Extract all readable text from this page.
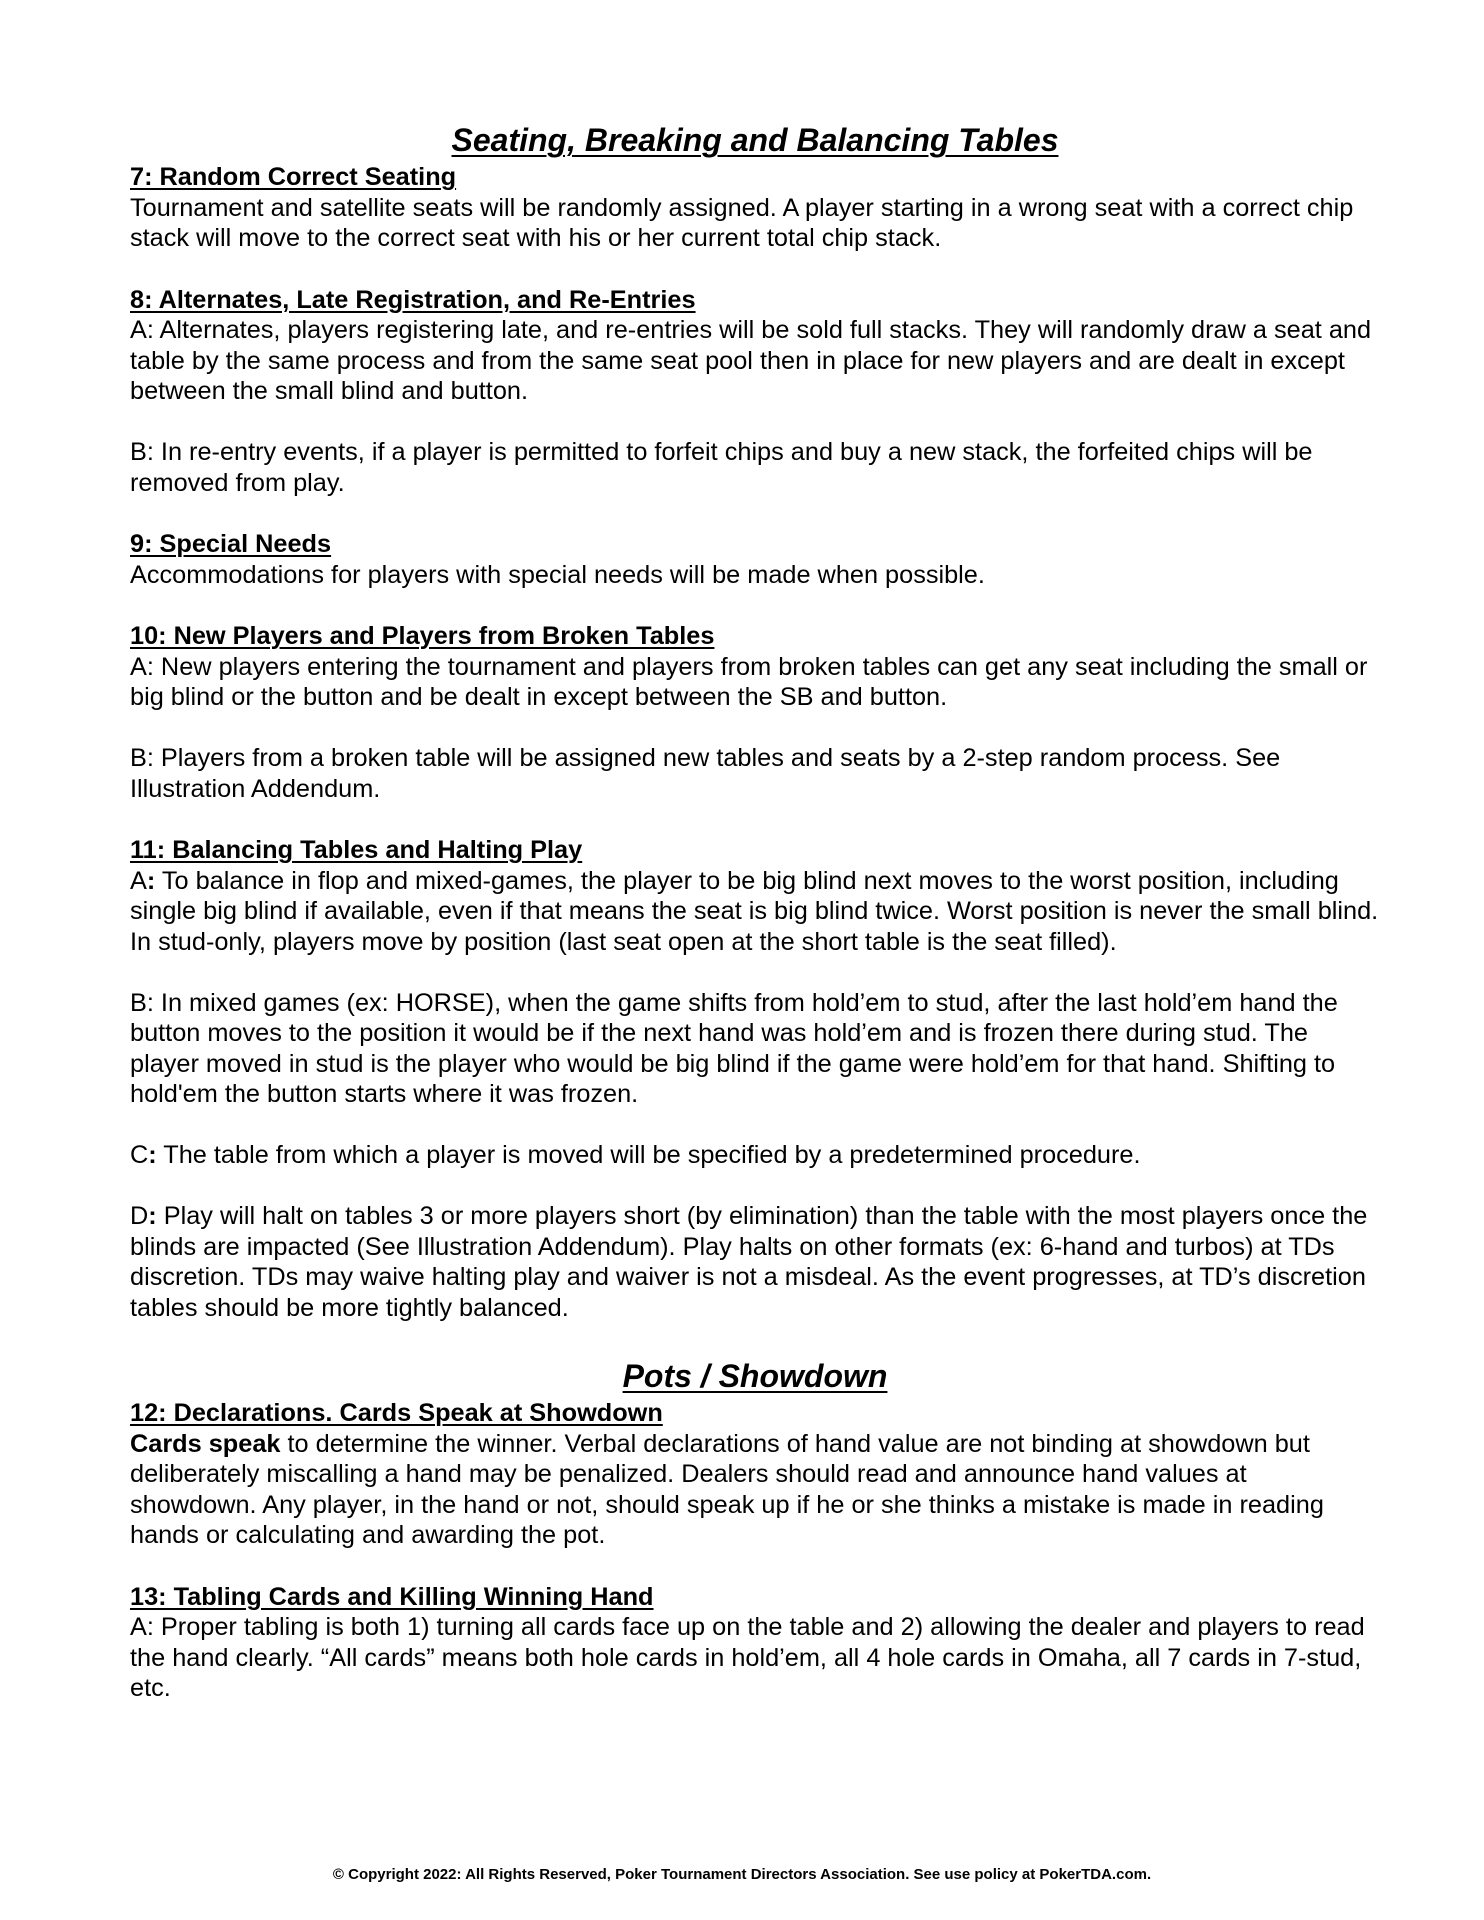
Seating, Breaking and Balancing Tables
7: Random Correct Seating

Tournament and satellite seats will be randomly assigned. A player starting in a wrong seat with a correct chip stack will move to the correct seat with his or her current total chip stack.

8: Alternates, Late Registration, and Re-Entries

A: Alternates, players registering late, and re-entries will be sold full stacks. They will randomly draw a seat and table by the same process and from the same seat pool then in place for new players and are dealt in except between the small blind and button.

B: In re-entry events, if a player is permitted to forfeit chips and buy a new stack, the forfeited chips will be removed from play.

9: Special Needs

Accommodations for players with special needs will be made when possible.

10: New Players and Players from Broken Tables

A: New players entering the tournament and players from broken tables can get any seat including the small or big blind or the button and be dealt in except between the SB and button.

B: Players from a broken table will be assigned new tables and seats by a 2-step random process. See Illustration Addendum.

11: Balancing Tables and Halting Play

A: To balance in flop and mixed-games, the player to be big blind next moves to the worst position, including single big blind if available, even if that means the seat is big blind twice. Worst position is never the small blind. In stud-only, players move by position (last seat open at the short table is the seat filled).

B: In mixed games (ex: HORSE), when the game shifts from hold’em to stud, after the last hold’em hand the button moves to the position it would be if the next hand was hold’em and is frozen there during stud. The player moved in stud is the player who would be big blind if the game were hold’em for that hand. Shifting to hold'em the button starts where it was frozen.

C: The table from which a player is moved will be specified by a predetermined procedure.

D: Play will halt on tables 3 or more players short (by elimination) than the table with the most players once the blinds are impacted (See Illustration Addendum). Play halts on other formats (ex: 6-hand and turbos) at TDs discretion. TDs may waive halting play and waiver is not a misdeal. As the event progresses, at TD’s discretion tables should be more tightly balanced.

Pots / Showdown
12: Declarations. Cards Speak at Showdown

Cards speak to determine the winner. Verbal declarations of hand value are not binding at showdown but deliberately miscalling a hand may be penalized. Dealers should read and announce hand values at showdown. Any player, in the hand or not, should speak up if he or she thinks a mistake is made in reading hands or calculating and awarding the pot.

13: Tabling Cards and Killing Winning Hand

A: Proper tabling is both 1) turning all cards face up on the table and 2) allowing the dealer and players to read the hand clearly. “All cards” means both hole cards in hold’em, all 4 hole cards in Omaha, all 7 cards in 7-stud, etc.

© Copyright 2022: All Rights Reserved, Poker Tournament Directors Association. See use policy at PokerTDA.com.
